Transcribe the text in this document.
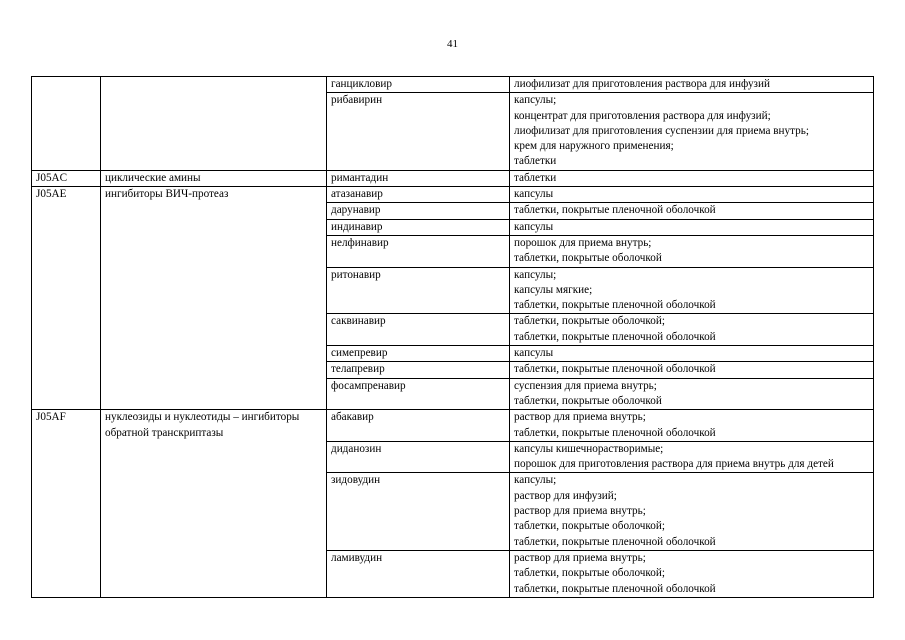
41
		ганцикловир	лиофилизат для приготовления раствора для инфузий

		рибавирин	капсулы;
концентрат для приготовления раствора для инфузий;
лиофилизат для приготовления суспензии для приема внутрь;
крем для наружного применения;
таблетки

J05AC	циклические амины	римантадин	таблетки

J05AE	ингибиторы ВИЧ-протеаз	атазанавир	капсулы

		дарунавир	таблетки, покрытые пленочной оболочкой

		индинавир	капсулы

		нелфинавир	порошок для приема внутрь;
таблетки, покрытые оболочкой

		ритонавир	капсулы;
капсулы мягкие;
таблетки, покрытые пленочной оболочкой

		саквинавир	таблетки, покрытые оболочкой;
таблетки, покрытые пленочной оболочкой

		симепревир	капсулы

		телапревир	таблетки, покрытые пленочной оболочкой

		фосампренавир	суспензия для приема внутрь;
таблетки, покрытые оболочкой

J05AF	нуклеозиды и нуклеотиды – ингибиторы обратной транскриптазы	абакавир	раствор для приема внутрь;
таблетки, покрытые пленочной оболочкой

		диданозин	капсулы кишечнорастворимые;
порошок для приготовления раствора для приема внутрь для детей

		зидовудин	капсулы;
раствор для инфузий;
раствор для приема внутрь;
таблетки, покрытые оболочкой;
таблетки, покрытые пленочной оболочкой

		ламивудин	раствор для приема внутрь;
таблетки, покрытые оболочкой;
таблетки, покрытые пленочной оболочкой
